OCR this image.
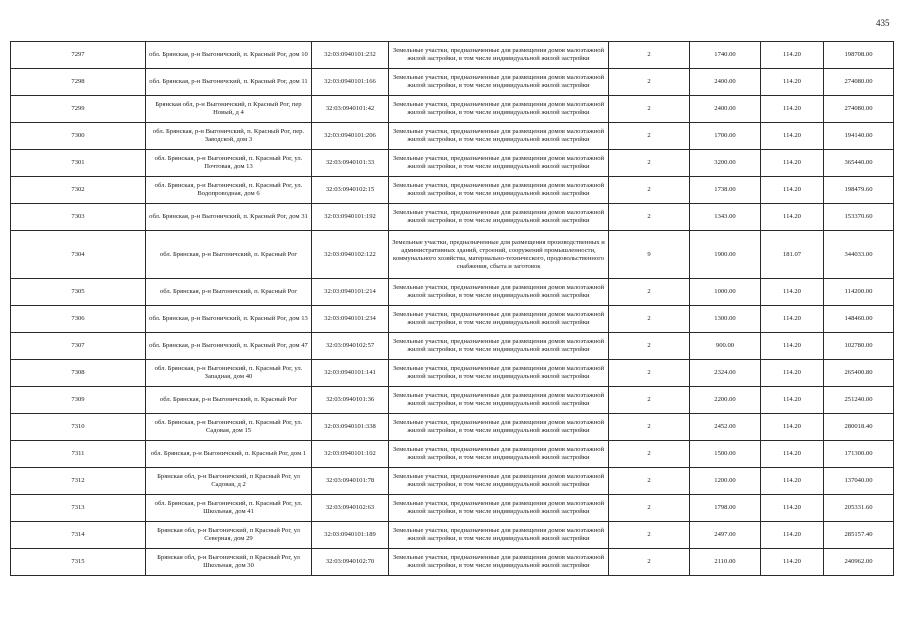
435
7297	обл. Брянская, р-н Выгоничский, п. Красный Рог, дом 10	32:03:0940101:232	Земельные участки, предназначенные для размещения домов малоэтажной жилой застройки, в том числе индивидуальной жилой застройки	2	1740.00	114.20	198708.00
7298	обл. Брянская, р-н Выгоничский, п. Красный Рог, дом 11	32:03:0940101:166	Земельные участки, предназначенные для размещения домов малоэтажной жилой застройки, в том числе индивидуальной жилой застройки	2	2400.00	114.20	274080.00
7299	Брянская обл, р-н Выгоничский, п Красный Рог, пер Новый, д 4	32:03:0940101:42	Земельные участки, предназначенные для размещения домов малоэтажной жилой застройки, в том числе индивидуальной жилой застройки	2	2400.00	114.20	274080.00
7300	обл. Брянская, р-н Выгоничский, п. Красный Рог, пер. Заводской, дом 3	32:03:0940101:206	Земельные участки, предназначенные для размещения домов малоэтажной жилой застройки, в том числе индивидуальной жилой застройки	2	1700.00	114.20	194140.00
7301	обл. Брянская, р-н Выгоничский, п. Красный Рог, ул. Почтовая, дом 13	32:03:0940101:33	Земельные участки, предназначенные для размещения домов малоэтажной жилой застройки, в том числе индивидуальной жилой застройки	2	3200.00	114.20	365440.00
7302	обл. Брянская, р-н Выгоничский, п. Красный Рог, ул. Водопроводная, дом 6	32:03:0940102:15	Земельные участки, предназначенные для размещения домов малоэтажной жилой застройки, в том числе индивидуальной жилой застройки	2	1738.00	114.20	198479.60
7303	обл. Брянская, р-н Выгоничский, п. Красный Рог, дом 31	32:03:0940101:192	Земельные участки, предназначенные для размещения домов малоэтажной жилой застройки, в том числе индивидуальной жилой застройки	2	1343.00	114.20	153370.60
7304	обл. Брянская, р-н Выгоничский, п. Красный Рог	32:03:0940102:122	Земельные участки, предназначенные для размещения производственных и административных зданий, строений, сооружений промышленности, коммунального хозяйства, материально-технического, продовольственного снабжения, сбыта и заготовок	9	1900.00	181.07	344033.00
7305	обл. Брянская, р-н Выгоничский, п. Красный Рог	32:03:0940101:214	Земельные участки, предназначенные для размещения домов малоэтажной жилой застройки, в том числе индивидуальной жилой застройки	2	1000.00	114.20	114200.00
7306	обл. Брянская, р-н Выгоничский, п. Красный Рог, дом 13	32:03:0940101:234	Земельные участки, предназначенные для размещения домов малоэтажной жилой застройки, в том числе индивидуальной жилой застройки	2	1300.00	114.20	148460.00
7307	обл. Брянская, р-н Выгоничский, п. Красный Рог, дом 47	32:03:0940102:57	Земельные участки, предназначенные для размещения домов малоэтажной жилой застройки, в том числе индивидуальной жилой застройки	2	900.00	114.20	102780.00
7308	обл. Брянская, р-н Выгоничский, п. Красный Рог, ул. Западная, дом 40	32:03:0940101:141	Земельные участки, предназначенные для размещения домов малоэтажной жилой застройки, в том числе индивидуальной жилой застройки	2	2324.00	114.20	265400.80
7309	обл. Брянская, р-н Выгоничский, п. Красный Рог	32:03:0940101:36	Земельные участки, предназначенные для размещения домов малоэтажной жилой застройки, в том числе индивидуальной жилой застройки	2	2200.00	114.20	251240.00
7310	обл. Брянская, р-н Выгоничский, п. Красный Рог, ул. Садовая, дом 15	32:03:0940101:338	Земельные участки, предназначенные для размещения домов малоэтажной жилой застройки, в том числе индивидуальной жилой застройки	2	2452.00	114.20	280018.40
7311	обл. Брянская, р-н Выгоничский, п. Красный Рог, дом 1	32:03:0940101:102	Земельные участки, предназначенные для размещения домов малоэтажной жилой застройки, в том числе индивидуальной жилой застройки	2	1500.00	114.20	171300.00
7312	Брянская обл, р-н Выгоничский, п Красный Рог, ул Садовая, д 2	32:03:0940101:78	Земельные участки, предназначенные для размещения домов малоэтажной жилой застройки, в том числе индивидуальной жилой застройки	2	1200.00	114.20	137040.00
7313	обл. Брянская, р-н Выгоничский, п. Красный Рог, ул. Школьная, дом 41	32:03:0940102:63	Земельные участки, предназначенные для размещения домов малоэтажной жилой застройки, в том числе индивидуальной жилой застройки	2	1798.00	114.20	205331.60
7314	Брянская обл, р-н Выгоничский, п Красный Рог, ул Северная, дом 29	32:03:0940101:189	Земельные участки, предназначенные для размещения домов малоэтажной жилой застройки, в том числе индивидуальной жилой застройки	2	2497.00	114.20	285157.40
7315	Брянская обл, р-н Выгоничский, п Красный Рог, ул Школьная, дом 30	32:03:0940102:70	Земельные участки, предназначенные для размещения домов малоэтажной жилой застройки, в том числе индивидуальной жилой застройки	2	2110.00	114.20	240962.00
